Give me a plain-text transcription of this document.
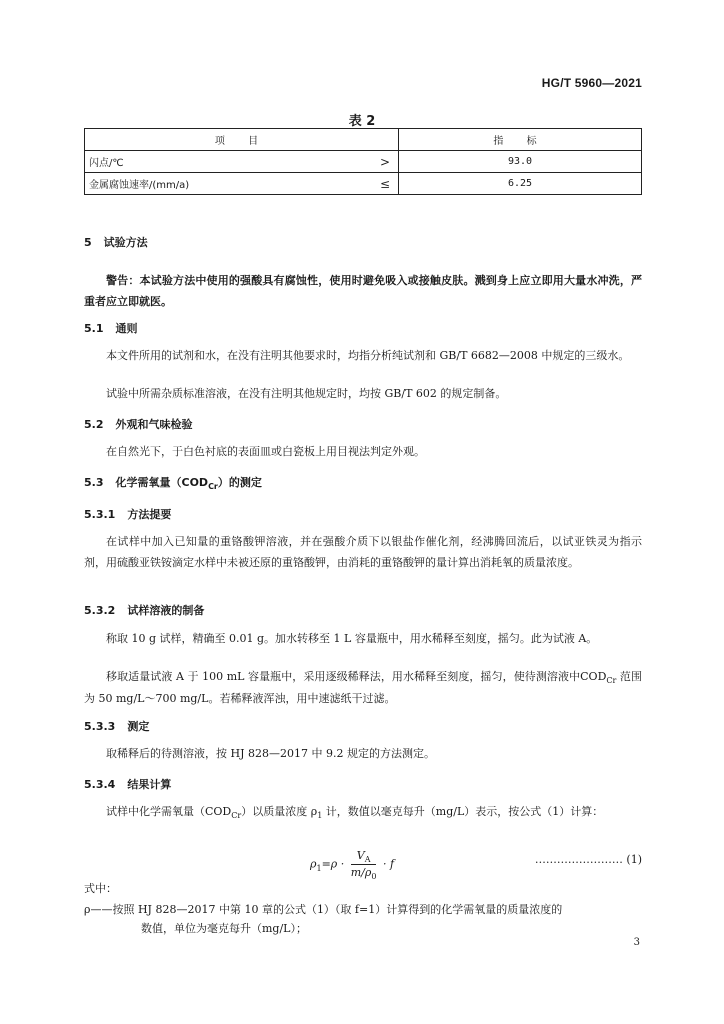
HG/T 5960—2021
表 2
项 目		指 标
闪点/℃	>	93.0
金属腐蚀速率/(mm/a)	≤	6.25
5 试验方法
警告：本试验方法中使用的强酸具有腐蚀性，使用时避免吸入或接触皮肤。溅到身上应立即用大量水冲洗，严重者应立即就医。
5.1 通则
本文件所用的试剂和水，在没有注明其他要求时，均指分析纯试剂和 GB/T 6682—2008 中规定的三级水。
试验中所需杂质标准溶液，在没有注明其他规定时，均按 GB/T 602 的规定制备。
5.2 外观和气味检验
在自然光下，于白色衬底的表面皿或白瓷板上用目视法判定外观。
5.3 化学需氧量$(COD_{Cr})$的测定
5.3.1 方法提要
在试样中加入已知量的重铬酸钾溶液，并在强酸介质下以银盐作催化剂，经沸腾回流后，以试亚铁灵为指示剂，用硫酸亚铁铵滴定水样中未被还原的重铬酸钾，由消耗的重铬酸钾的量计算出消耗氧的质量浓度。
5.3.2 试样溶液的制备
称取 10 g 试样，精确至 0.01 g。加水转移至 1 L 容量瓶中，用水稀释至刻度，摇匀。此为试液 A。
移取适量试液 A 于 100 mL 容量瓶中，采用逐级稀释法，用水稀释至刻度，摇匀，使待测溶液中$COD_{Cr}$ 范围为 50 mg/L～700 mg/L。若稀释液浑浊，用中速滤纸干过滤。
5.3.3 测定
取稀释后的待测溶液，按 HJ 828—2017 中 9.2 规定的方法测定。
5.3.4 结果计算
试样中化学需氧量$(COD_{Cr})$以质量浓度 $\rho_1$ 计，数值以毫克每升（mg/L）表示，按公式（1）计算：
$\rho_1=\rho \cdot \frac{V_A}{m/\rho_0} \cdot f$	…………………… (1)
式中：
ρ——按照 HJ 828—2017 中第 10 章的公式（1）（取 f=1）计算得到的化学需氧量的质量浓度的
数值，单位为毫克每升（mg/L）；
3
